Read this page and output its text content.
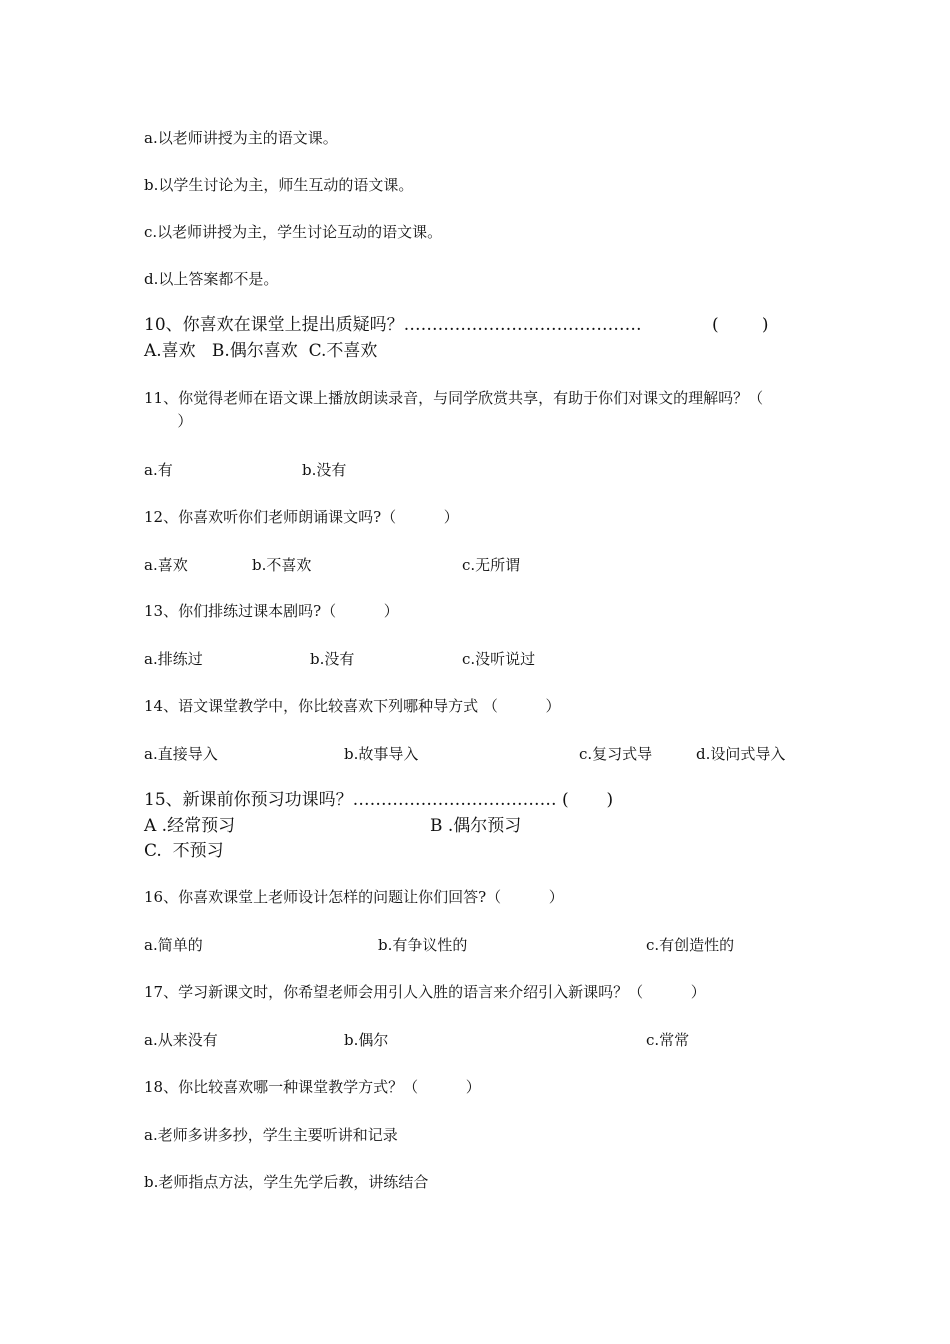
a.以老师讲授为主的语文课。
b.以学生讨论为主，师生互动的语文课。
c.以老师讲授为主，学生讨论互动的语文课。
d.以上答案都不是。
10、你喜欢在课堂上提出质疑吗？……………………………………	(        )
A.喜欢   B.偶尔喜欢  C.不喜欢
11、你觉得老师在语文课上播放朗读录音，与同学欣赏共享，有助于你们对课文的理解吗？（
）
a.有	b.没有
12、你喜欢听你们老师朗诵课文吗?（          ）
a.喜欢	b.不喜欢	c.无所谓
13、你们排练过课本剧吗?（          ）
a.排练过	b.没有	c.没听说过
14、语文课堂教学中，你比较喜欢下列哪种导方式 （          ）
a.直接导入	b.故事导入	c.复习式导	d.设问式导入
15、新课前你预习功课吗？……………………………… (       )
A .经常预习	B .偶尔预习
C.  不预习
16、你喜欢课堂上老师设计怎样的问题让你们回答?（          ）
a.简单的	b.有争议性的	c.有创造性的
17、学习新课文时，你希望老师会用引人入胜的语言来介绍引入新课吗？（          ）
a.从来没有	b.偶尔	c.常常
18、你比较喜欢哪一种课堂教学方式？（          ）
a.老师多讲多抄，学生主要听讲和记录
b.老师指点方法，学生先学后教，讲练结合
